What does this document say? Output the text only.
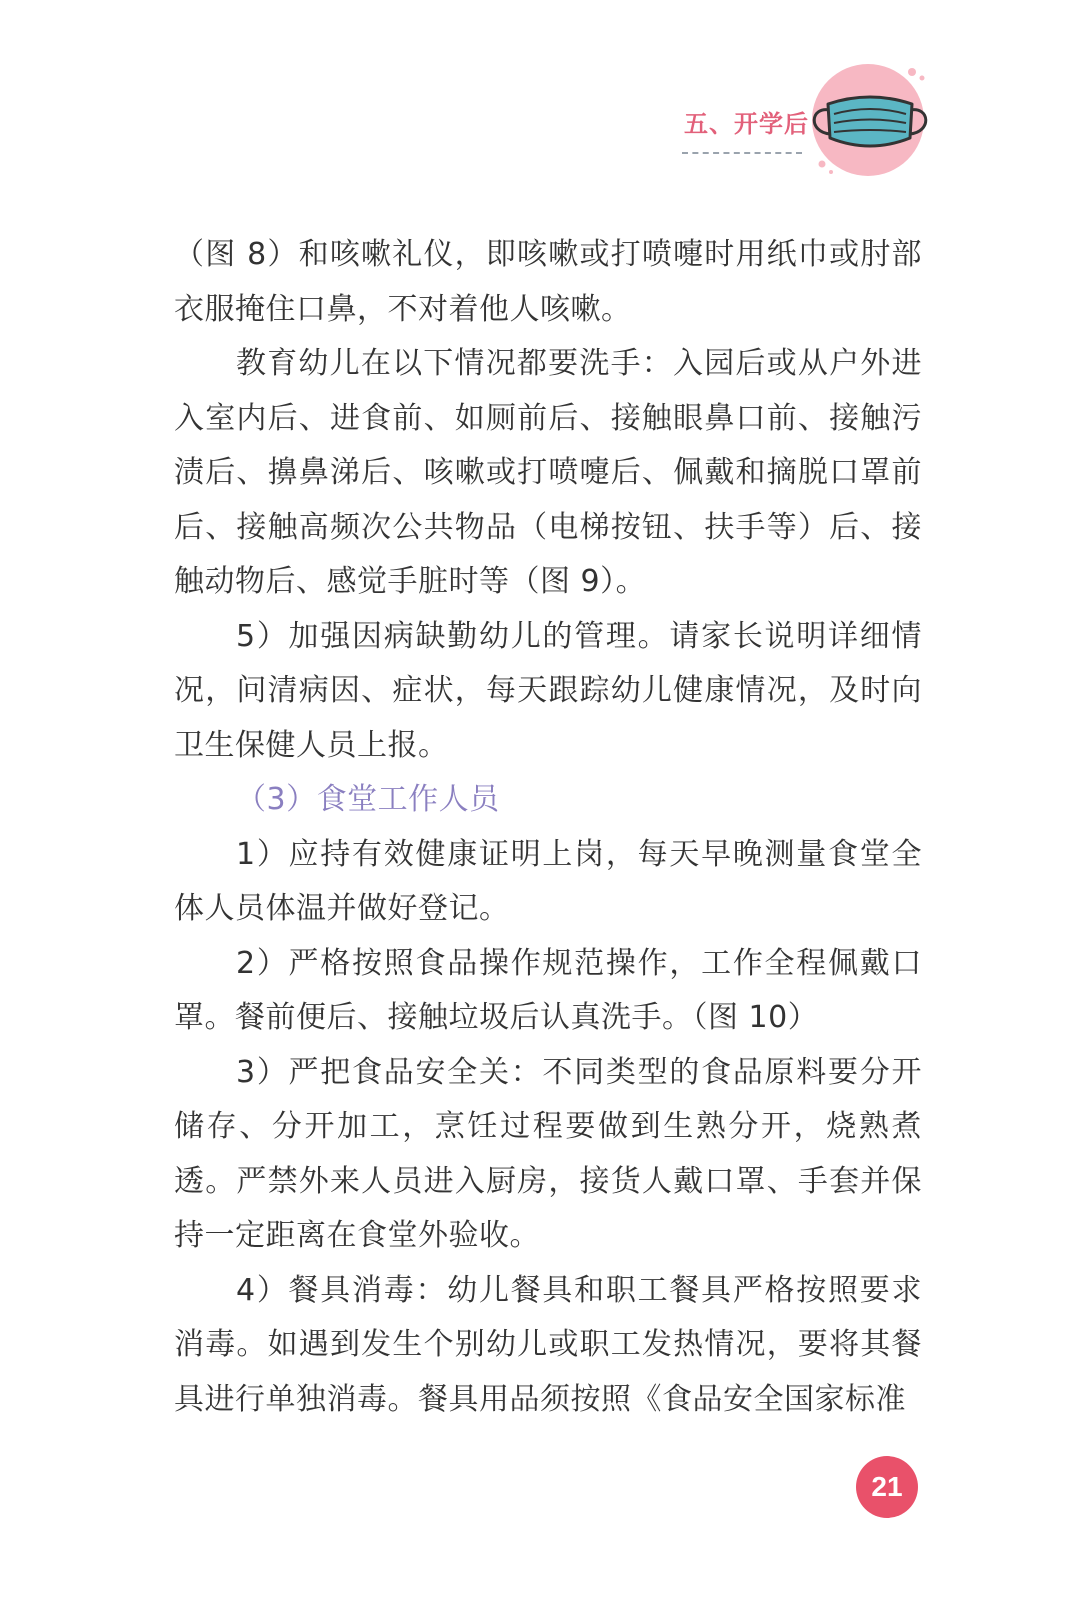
五、开学后

（图 8）和咳嗽礼仪，即咳嗽或打喷嚏时用纸巾或肘部衣服掩住口鼻，不对着他人咳嗽。

教育幼儿在以下情况都要洗手：入园后或从户外进入室内后、进食前、如厕前后、接触眼鼻口前、接触污渍后、擤鼻涕后、咳嗽或打喷嚏后、佩戴和摘脱口罩前后、接触高频次公共物品（电梯按钮、扶手等）后、接触动物后、感觉手脏时等（图 9）。

5）加强因病缺勤幼儿的管理。请家长说明详细情况，问清病因、症状，每天跟踪幼儿健康情况，及时向卫生保健人员上报。

（3）食堂工作人员

1）应持有效健康证明上岗，每天早晚测量食堂全体人员体温并做好登记。

2）严格按照食品操作规范操作，工作全程佩戴口罩。餐前便后、接触垃圾后认真洗手。（图 10）

3）严把食品安全关：不同类型的食品原料要分开储存、分开加工，烹饪过程要做到生熟分开，烧熟煮透。严禁外来人员进入厨房，接货人戴口罩、手套并保持一定距离在食堂外验收。

4）餐具消毒：幼儿餐具和职工餐具严格按照要求消毒。如遇到发生个别幼儿或职工发热情况，要将其餐具进行单独消毒。餐具用品须按照《食品安全国家标准

21
